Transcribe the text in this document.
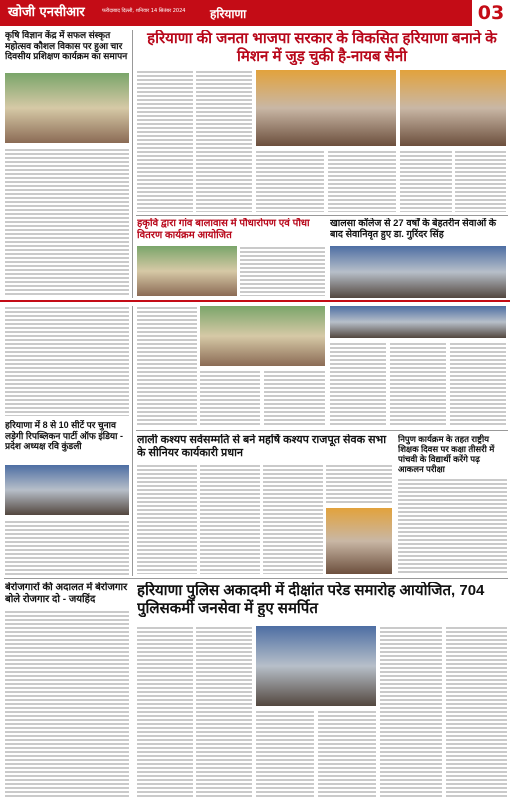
खोजी एनसीआर	फरीदाबाद दिल्ली, शनिवार 14 सितंबर 2024 हरियाणा	03
कृषि विज्ञान केंद्र में सफल संस्कृत महोत्सव कौशल विकास पर हुआ चार दिवसीय प्रशिक्षण कार्यक्रम का समापन
हरियाणा की जनता भाजपा सरकार के विकसित हरियाणा बनाने के मिशन में जुड़ चुकी है-नायब सैनी
हकृवि द्वारा गांव बालावास में पौधारोपण एवं पौधा वितरण कार्यक्रम आयोजित
खालसा कॉलेज से 27 वर्षों के बेहतरीन सेवाओं के बाद सेवानिवृत हुए डा. गुरिंदर सिंह
हरियाणा में 8 से 10 सीटें पर चुनाव लड़ेगी रिपब्लिकन पार्टी ऑफ इंडिया - प्रदेश अध्यक्ष रवि कुंडली
लाली कश्यप सर्वसम्मति से बने महर्षि कश्यप राजपूत सेवक सभा के सीनियर कार्यकारी प्रधान
निपुण कार्यक्रम के तहत राष्ट्रीय शिक्षक दिवस पर कक्षा तीसरी में पांचवी के विद्यार्थी करेंगे पढ़ आकलन परीक्षा
बेरोजगारों की अदालत में बेरोजगार बोले रोजगार दो - जयहिंद
हरियाणा पुलिस अकादमी में दीक्षांत परेड समारोह आयोजित, 704 पुलिसकर्मी जनसेवा में हुए समर्पित
